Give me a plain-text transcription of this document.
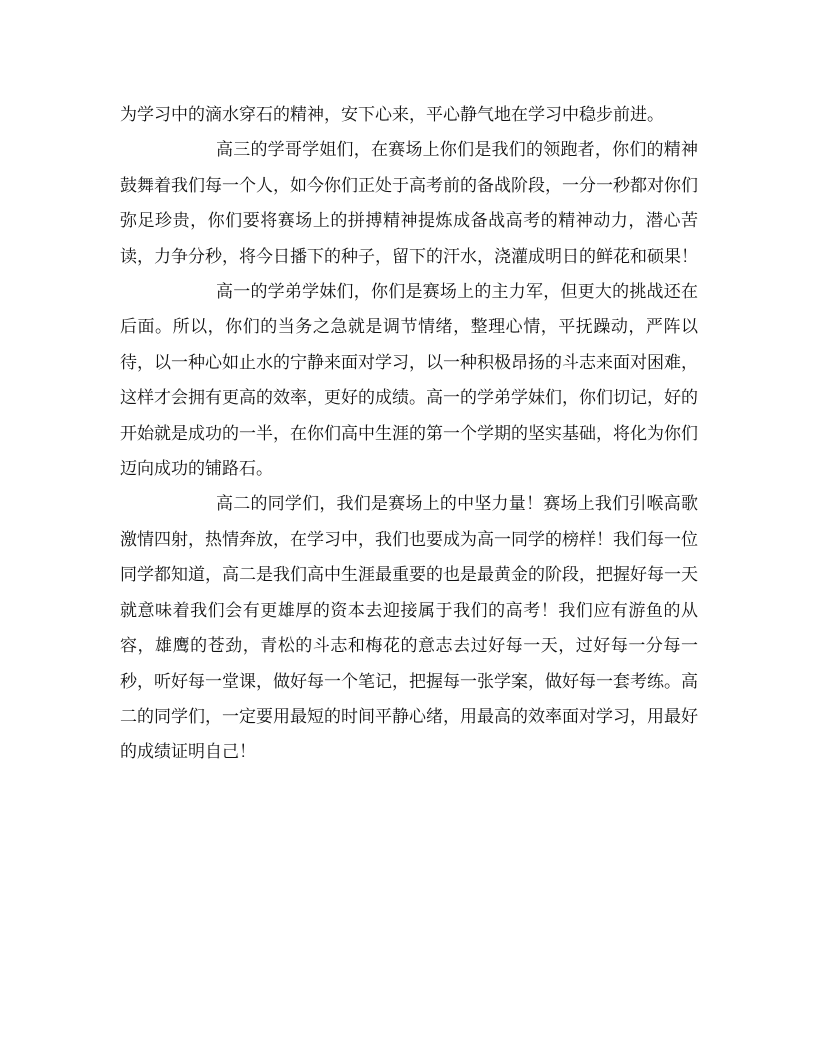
为学习中的滴水穿石的精神，安下心来，平心静气地在学习中稳步前进。

高三的学哥学姐们，在赛场上你们是我们的领跑者，你们的精神鼓舞着我们每一个人，如今你们正处于高考前的备战阶段，一分一秒都对你们弥足珍贵，你们要将赛场上的拼搏精神提炼成备战高考的精神动力，潜心苦读，力争分秒，将今日播下的种子，留下的汗水，浇灌成明日的鲜花和硕果！

高一的学弟学妹们，你们是赛场上的主力军，但更大的挑战还在后面。所以，你们的当务之急就是调节情绪，整理心情，平抚躁动，严阵以待，以一种心如止水的宁静来面对学习，以一种积极昂扬的斗志来面对困难，这样才会拥有更高的效率，更好的成绩。高一的学弟学妹们，你们切记，好的开始就是成功的一半，在你们高中生涯的第一个学期的坚实基础，将化为你们迈向成功的铺路石。

高二的同学们，我们是赛场上的中坚力量！赛场上我们引喉高歌激情四射，热情奔放，在学习中，我们也要成为高一同学的榜样！我们每一位同学都知道，高二是我们高中生涯最重要的也是最黄金的阶段，把握好每一天就意味着我们会有更雄厚的资本去迎接属于我们的高考！我们应有游鱼的从容，雄鹰的苍劲，青松的斗志和梅花的意志去过好每一天，过好每一分每一秒，听好每一堂课，做好每一个笔记，把握每一张学案，做好每一套考练。高二的同学们，一定要用最短的时间平静心绪，用最高的效率面对学习，用最好的成绩证明自己！
